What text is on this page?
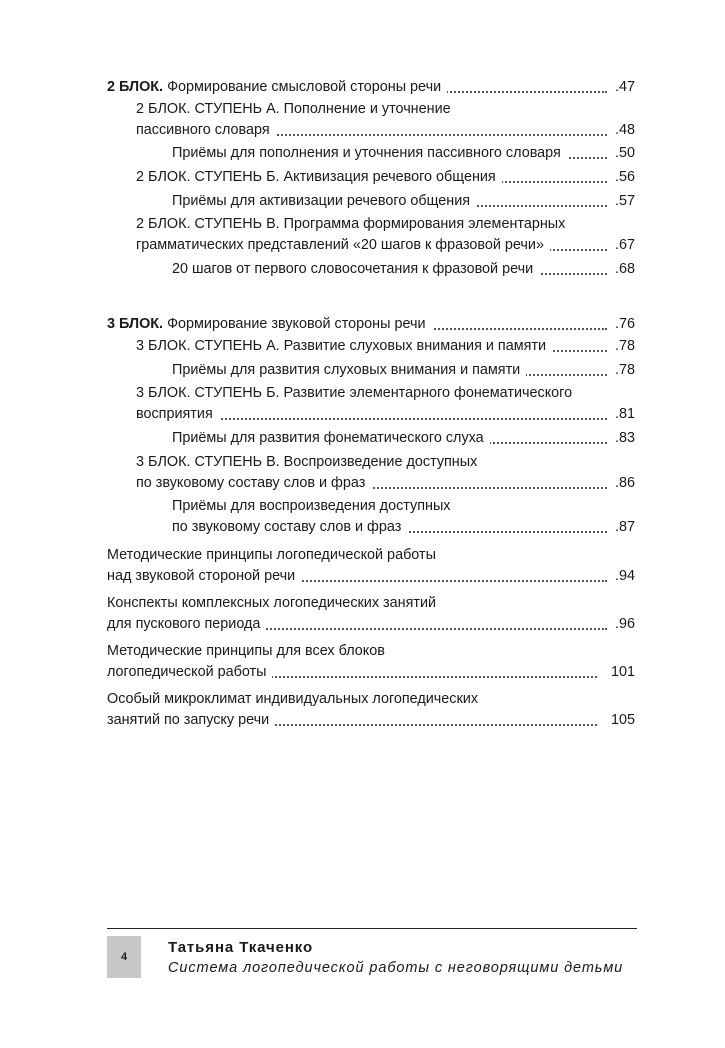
2 БЛОК. Формирование смысловой стороны речи	.47
2 БЛОК. СТУПЕНЬ А. Пополнение и уточнение
пассивного словаря	.48
Приёмы для пополнения и уточнения пассивного словаря	.50
2 БЛОК. СТУПЕНЬ Б. Активизация речевого общения	.56
Приёмы для активизации речевого общения	.57
2 БЛОК. СТУПЕНЬ В. Программа формирования элементарных
грамматических представлений «20 шагов к фразовой речи»	.67
20 шагов от первого словосочетания к фразовой речи	.68
3 БЛОК. Формирование звуковой стороны речи	.76
3 БЛОК. СТУПЕНЬ А. Развитие слуховых внимания и памяти	.78
Приёмы для развития слуховых внимания и памяти	.78
3 БЛОК. СТУПЕНЬ Б. Развитие элементарного фонематического
восприятия	.81
Приёмы для развития фонематического слуха	.83
3 БЛОК. СТУПЕНЬ В. Воспроизведение доступных
по звуковому составу слов и фраз	.86
Приёмы для воспроизведения доступных
по звуковому составу слов и фраз	.87
Методические принципы логопедической работы
над звуковой стороной речи	.94
Конспекты комплексных логопедических занятий
для пускового периода	.96
Методические принципы для всех блоков
логопедической работы	101
Особый микроклимат индивидуальных логопедических
занятий по запуску речи	105
4
Татьяна Ткаченко
Система логопедической работы с неговорящими детьми
